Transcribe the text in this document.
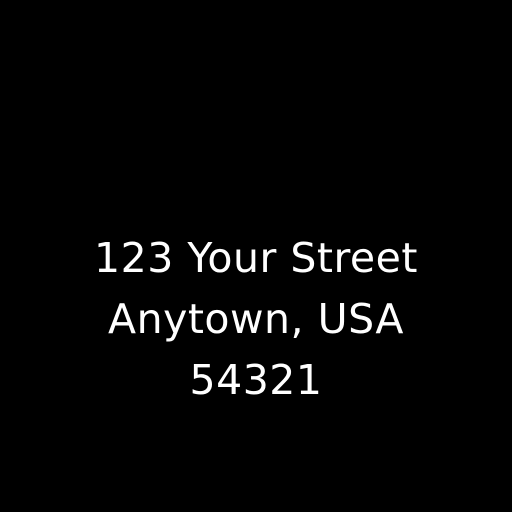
123 Your Street
Anytown, USA
54321
